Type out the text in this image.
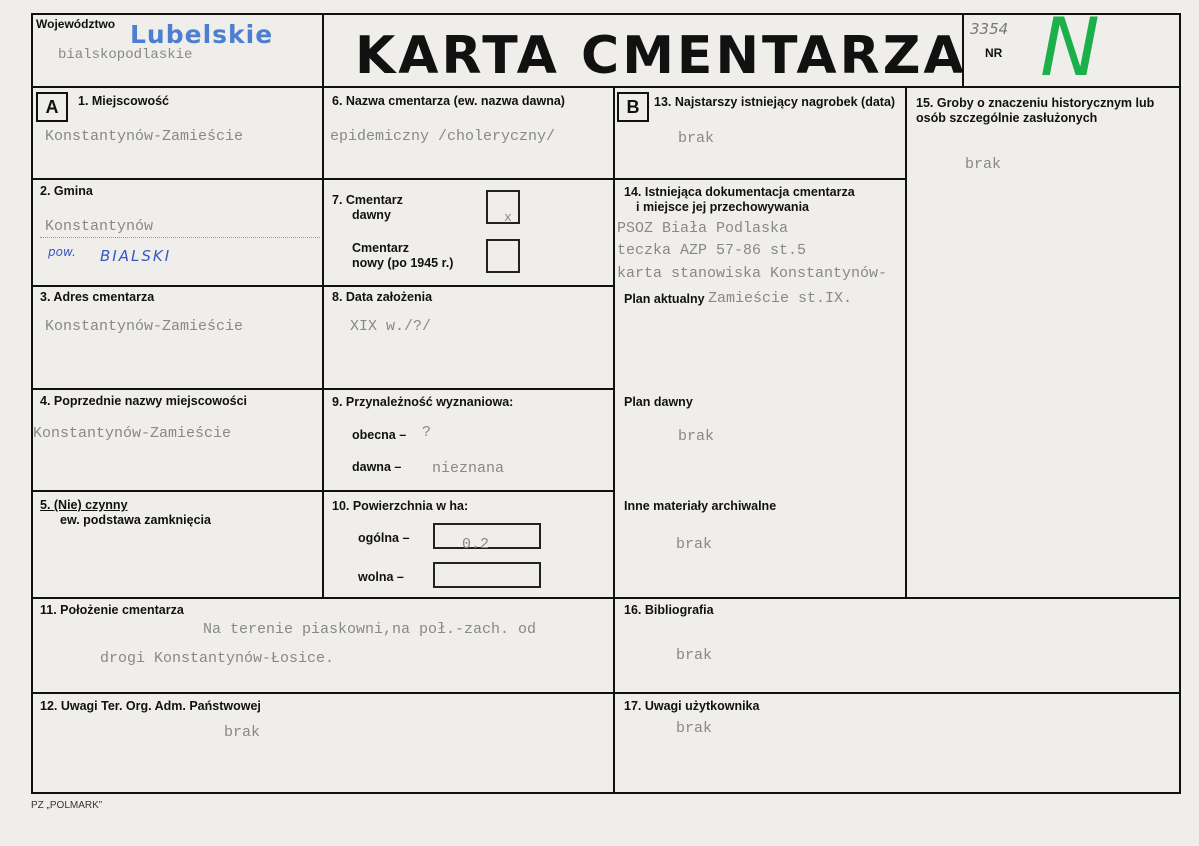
Województwo Lubelskie
bialskopodlaskie	KARTA CMENTARZA 3354
NR N
A	1. Miejscowość
Konstantynów-Zamieście
2. Gmina
Konstantynów
pow. BIALSKI
3. Adres cmentarza
Konstantynów-Zamieście
4. Poprzednie nazwy miejscowości
Konstantynów-Zamieście
5. (Nie) czynny
ew. podstawa zamknięcia
6. Nazwa cmentarza (ew. nazwa dawna)
epidemiczny /choleryczny/
7. Cmentarz
dawny	x
Cmentarz
nowy (po 1945 r.)
8. Data założenia
XIX w./?/
9. Przynależność wyznaniowa:
obecna – ?
dawna – nieznana
10. Powierzchnia w ha:
ogólna –	0.2
wolna –
B	13. Najstarszy istniejący nagrobek (data)
brak
14. Istniejąca dokumentacja cmentarza
i miejsce jej przechowywania
PSOZ Biała Podlaska
teczka AZP 57-86 st.5
karta stanowiska Konstantynów-
Plan aktualny Zamieście st.IX.
Plan dawny
brak
Inne materiały archiwalne
brak
15. Groby o znaczeniu historycznym lub osób szczególnie zasłużonych
brak
11. Położenie cmentarza
Na terenie piaskowni,na poł.-zach. od
drogi Konstantynów-Łosice.
16. Bibliografia
brak
12. Uwagi Ter. Org. Adm. Państwowej
brak
17. Uwagi użytkownika
brak
PZ „POLMARK”
